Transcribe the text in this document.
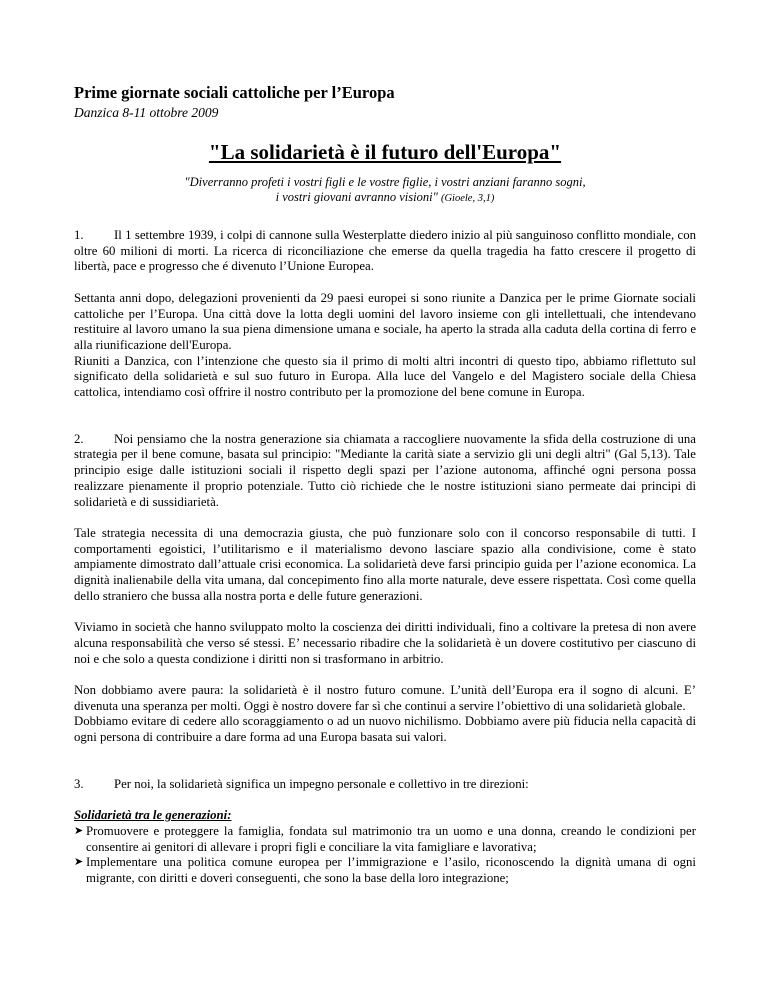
Prime giornate sociali cattoliche per l’Europa
Danzica 8-11 ottobre 2009
"La solidarietà è il futuro dell'Europa"
"Diverranno profeti i vostri figli e le vostre figlie, i vostri anziani faranno sogni,
i vostri giovani avranno visioni" (Gioele, 3,1)

1. Il 1 settembre 1939, i colpi di cannone sulla Westerplatte diedero inizio al più sanguinoso conflitto mondiale, con oltre 60 milioni di morti. La ricerca di riconciliazione che emerse da quella tragedia ha fatto crescere il progetto di libertà, pace e progresso che é divenuto l’Unione Europea.

Settanta anni dopo, delegazioni provenienti da 29 paesi europei si sono riunite a Danzica per le prime Giornate sociali cattoliche per l’Europa. Una città dove la lotta degli uomini del lavoro insieme con gli intellettuali, che intendevano restituire al lavoro umano la sua piena dimensione umana e sociale, ha aperto la strada alla caduta della cortina di ferro e alla riunificazione dell'Europa.

Riuniti a Danzica, con l’intenzione che questo sia il primo di molti altri incontri di questo tipo, abbiamo riflettuto sul significato della solidarietà e sul suo futuro in Europa. Alla luce del Vangelo e del Magistero sociale della Chiesa cattolica, intendiamo così offrire il nostro contributo per la promozione del bene comune in Europa.

2. Noi pensiamo che la nostra generazione sia chiamata a raccogliere nuovamente la sfida della costruzione di una strategia per il bene comune, basata sul principio: "Mediante la carità siate a servizio gli uni degli altri" (Gal 5,13). Tale principio esige dalle istituzioni sociali il rispetto degli spazi per l’azione autonoma, affinché ogni persona possa realizzare pienamente il proprio potenziale. Tutto ciò richiede che le nostre istituzioni siano permeate dai principi di solidarietà e di sussidiarietà.

Tale strategia necessita di una democrazia giusta, che può funzionare solo con il concorso responsabile di tutti. I comportamenti egoistici, l’utilitarismo e il materialismo devono lasciare spazio alla condivisione, come è stato ampiamente dimostrato dall’attuale crisi economica. La solidarietà deve farsi principio guida per l’azione economica. La dignità inalienabile della vita umana, dal concepimento fino alla morte naturale, deve essere rispettata. Così come quella dello straniero che bussa alla nostra porta e delle future generazioni.

Viviamo in società che hanno sviluppato molto la coscienza dei diritti individuali, fino a coltivare la pretesa di non avere alcuna responsabilità che verso sé stessi. E’ necessario ribadire che la solidarietà è un dovere costitutivo per ciascuno di noi e che solo a questa condizione i diritti non si trasformano in arbitrio.

Non dobbiamo avere paura: la solidarietà è il nostro futuro comune. L’unità dell’Europa era il sogno di alcuni. E’ divenuta una speranza per molti. Oggi è nostro dovere far sì che continui a servire l’obiettivo di una solidarietà globale.

Dobbiamo evitare di cedere allo scoraggiamento o ad un nuovo nichilismo. Dobbiamo avere più fiducia nella capacità di ogni persona di contribuire a dare forma ad una Europa basata sui valori.

3. Per noi, la solidarietà significa un impegno personale e collettivo in tre direzioni:

Solidarietà tra le generazioni:

➤ Promuovere e proteggere la famiglia, fondata sul matrimonio tra un uomo e una donna, creando le condizioni per consentire ai genitori di allevare i propri figli e conciliare la vita famigliare e lavorativa;
➤ Implementare una politica comune europea per l’immigrazione e l’asilo, riconoscendo la dignità umana di ogni migrante, con diritti e doveri conseguenti, che sono la base della loro integrazione;
